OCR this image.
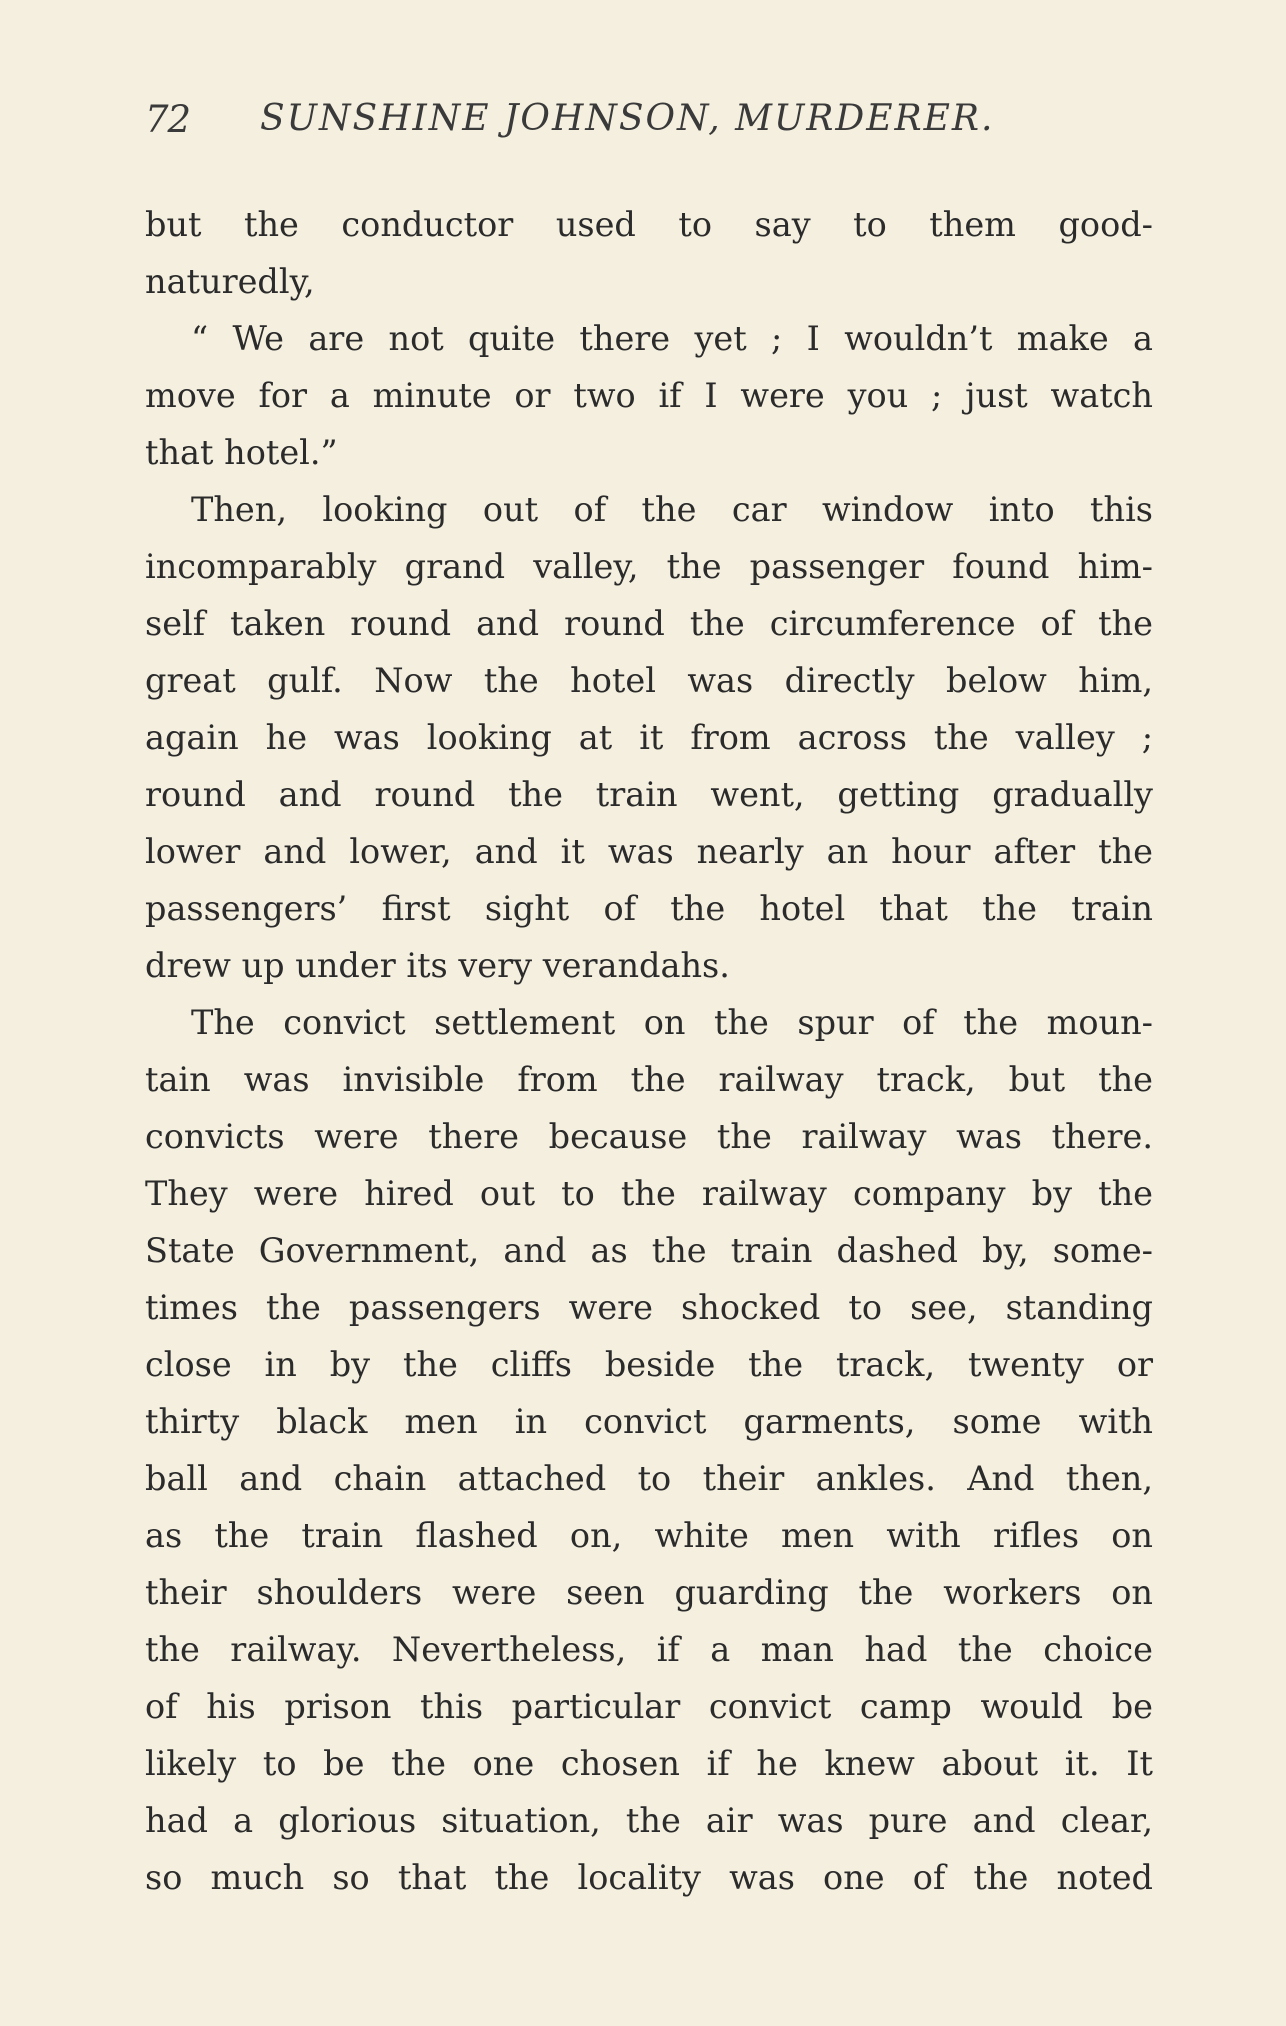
72 SUNSHINE JOHNSON, MURDERER.
but the conductor used to say to them good-
naturedly,
“ We are not quite there yet ; I wouldn’t make a
move for a minute or two if I were you ; just watch
that hotel.”
Then, looking out of the car window into this
incomparably grand valley, the passenger found him-
self taken round and round the circumference of the
great gulf. Now the hotel was directly below him,
again he was looking at it from across the valley ;
round and round the train went, getting gradually
lower and lower, and it was nearly an hour after the
passengers’ first sight of the hotel that the train
drew up under its very verandahs.
The convict settlement on the spur of the moun-
tain was invisible from the railway track, but the
convicts were there because the railway was there.
They were hired out to the railway company by the
State Government, and as the train dashed by, some-
times the passengers were shocked to see, standing
close in by the cliffs beside the track, twenty or
thirty black men in convict garments, some with
ball and chain attached to their ankles. And then,
as the train flashed on, white men with rifles on
their shoulders were seen guarding the workers on
the railway. Nevertheless, if a man had the choice
of his prison this particular convict camp would be
likely to be the one chosen if he knew about it. It
had a glorious situation, the air was pure and clear,
so much so that the locality was one of the noted
